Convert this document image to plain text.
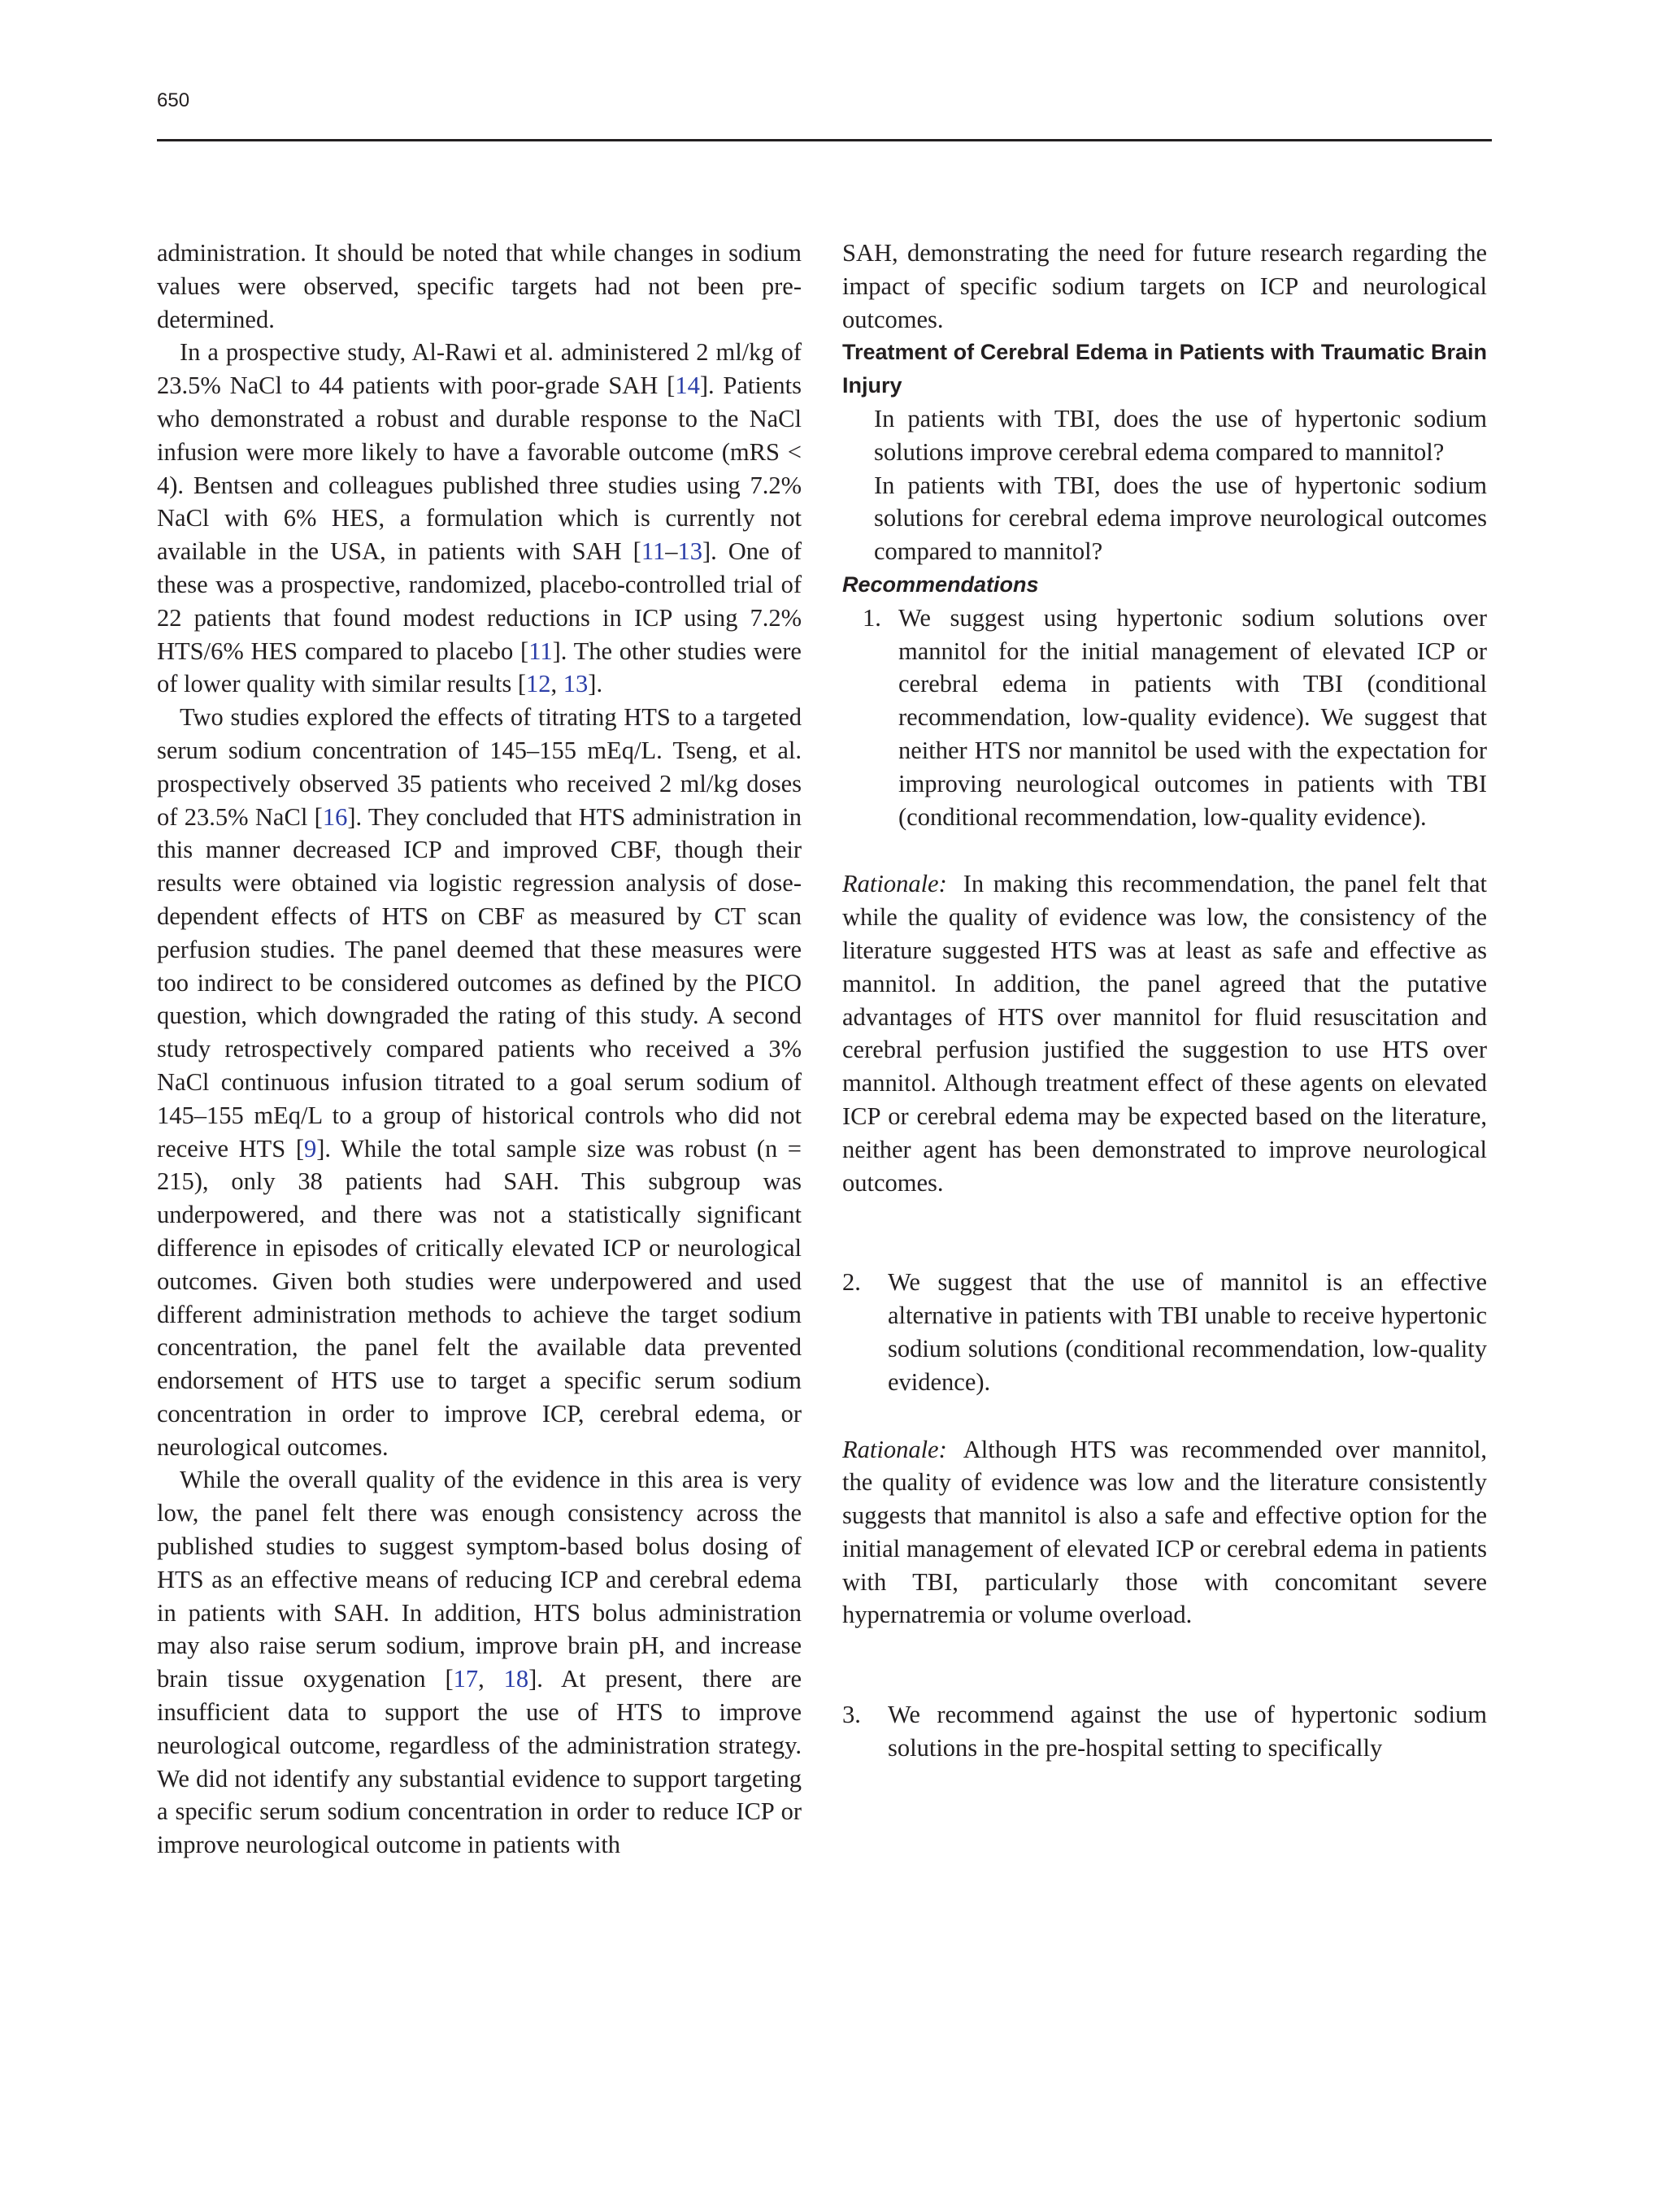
650

administration. It should be noted that while changes in sodium values were observed, specific targets had not been pre-determined.

In a prospective study, Al-Rawi et al. administered 2 ml/kg of 23.5% NaCl to 44 patients with poor-grade SAH [14]. Patients who demonstrated a robust and durable response to the NaCl infusion were more likely to have a favorable outcome (mRS < 4). Bentsen and colleagues published three studies using 7.2% NaCl with 6% HES, a formulation which is currently not available in the USA, in patients with SAH [11–13]. One of these was a prospective, randomized, placebo-controlled trial of 22 patients that found modest reductions in ICP using 7.2% HTS/6% HES compared to placebo [11]. The other studies were of lower quality with similar results [12, 13].

Two studies explored the effects of titrating HTS to a targeted serum sodium concentration of 145–155 mEq/L. Tseng, et al. prospectively observed 35 patients who received 2 ml/kg doses of 23.5% NaCl [16]. They concluded that HTS administration in this manner decreased ICP and improved CBF, though their results were obtained via logistic regression analysis of dose-dependent effects of HTS on CBF as measured by CT scan perfusion studies. The panel deemed that these measures were too indirect to be considered outcomes as defined by the PICO question, which downgraded the rating of this study. A second study retrospectively compared patients who received a 3% NaCl continuous infusion titrated to a goal serum sodium of 145–155 mEq/L to a group of historical controls who did not receive HTS [9]. While the total sample size was robust (n = 215), only 38 patients had SAH. This subgroup was underpowered, and there was not a statistically significant difference in episodes of critically elevated ICP or neurological outcomes. Given both studies were underpowered and used different administration methods to achieve the target sodium concentration, the panel felt the available data prevented endorsement of HTS use to target a specific serum sodium concentration in order to improve ICP, cerebral edema, or neurological outcomes.

While the overall quality of the evidence in this area is very low, the panel felt there was enough consistency across the published studies to suggest symptom-based bolus dosing of HTS as an effective means of reducing ICP and cerebral edema in patients with SAH. In addition, HTS bolus administration may also raise serum sodium, improve brain pH, and increase brain tissue oxygenation [17, 18]. At present, there are insufficient data to support the use of HTS to improve neurological outcome, regardless of the administration strategy. We did not identify any substantial evidence to support targeting a specific serum sodium concentration in order to reduce ICP or improve neurological outcome in patients with

SAH, demonstrating the need for future research regarding the impact of specific sodium targets on ICP and neurological outcomes.

Treatment of Cerebral Edema in Patients with Traumatic Brain Injury

In patients with TBI, does the use of hypertonic sodium solutions improve cerebral edema compared to mannitol?

In patients with TBI, does the use of hypertonic sodium solutions for cerebral edema improve neurological outcomes compared to mannitol?

Recommendations

1. We suggest using hypertonic sodium solutions over mannitol for the initial management of elevated ICP or cerebral edema in patients with TBI (conditional recommendation, low-quality evidence). We suggest that neither HTS nor mannitol be used with the expectation for improving neurological outcomes in patients with TBI (conditional recommendation, low-quality evidence).

Rationale: In making this recommendation, the panel felt that while the quality of evidence was low, the consistency of the literature suggested HTS was at least as safe and effective as mannitol. In addition, the panel agreed that the putative advantages of HTS over mannitol for fluid resuscitation and cerebral perfusion justified the suggestion to use HTS over mannitol. Although treatment effect of these agents on elevated ICP or cerebral edema may be expected based on the literature, neither agent has been demonstrated to improve neurological outcomes.

2.	We suggest that the use of mannitol is an effective alternative in patients with TBI unable to receive hypertonic sodium solutions (conditional recommendation, low-quality evidence).

Rationale: Although HTS was recommended over mannitol, the quality of evidence was low and the literature consistently suggests that mannitol is also a safe and effective option for the initial management of elevated ICP or cerebral edema in patients with TBI, particularly those with concomitant severe hypernatremia or volume overload.

3.	We recommend against the use of hypertonic sodium solutions in the pre-hospital setting to specifically
